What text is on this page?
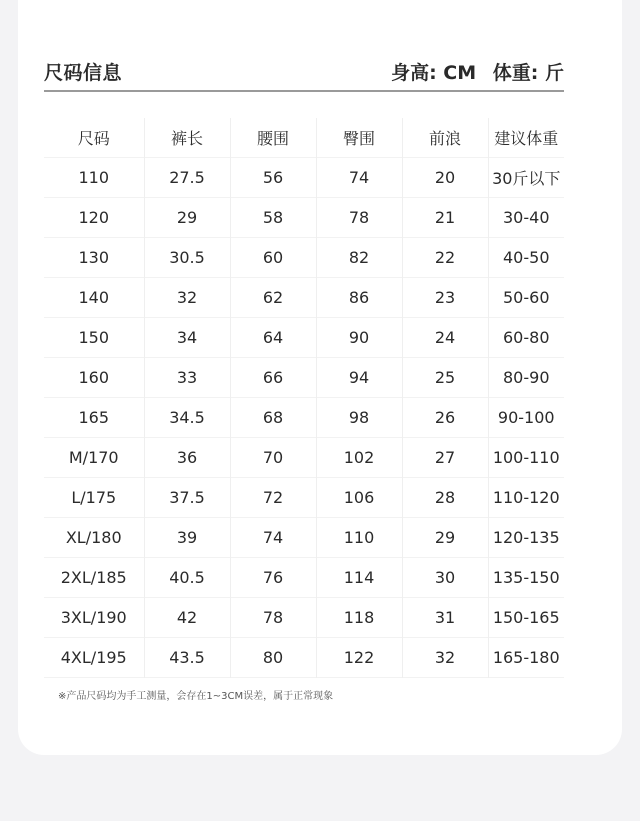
尺码信息	身高: CM 体重: 斤
尺码	裤长	腰围	臀围	前浪	建议体重
110	27.5	56	74	20	30斤以下
120	29	58	78	21	30-40
130	30.5	60	82	22	40-50
140	32	62	86	23	50-60
150	34	64	90	24	60-80
160	33	66	94	25	80-90
165	34.5	68	98	26	90-100
M/170	36	70	102	27	100-110
L/175	37.5	72	106	28	110-120
XL/180	39	74	110	29	120-135
2XL/185	40.5	76	114	30	135-150
3XL/190	42	78	118	31	150-165
4XL/195	43.5	80	122	32	165-180
※产品尺码均为手工测量，会存在1~3CM误差，属于正常现象
